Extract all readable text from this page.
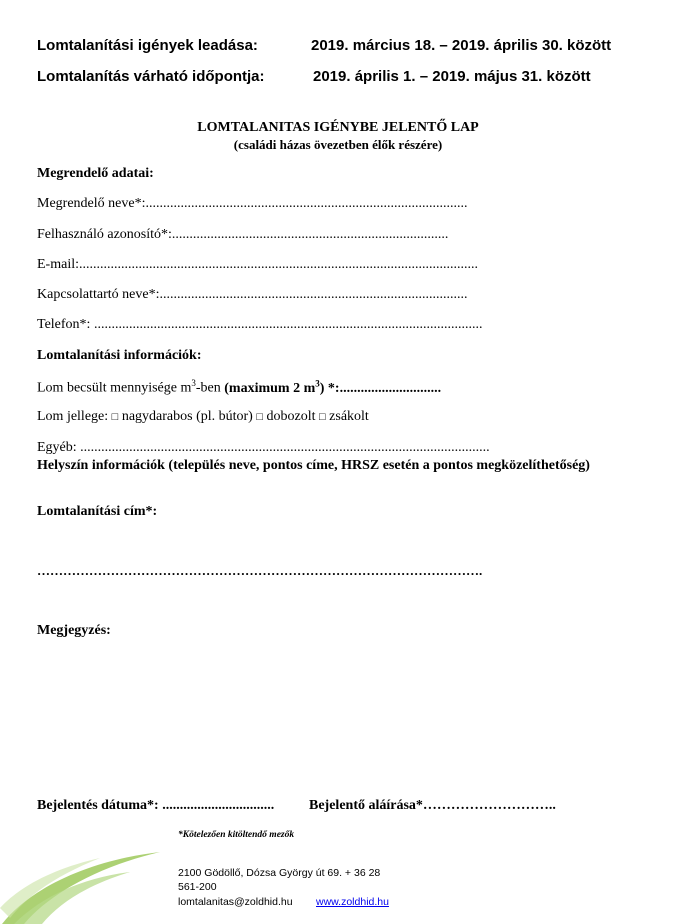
Lomtalanítási igények leadása:	2019. március 18. – 2019. április 30. között
Lomtalanítás várható időpontja:	2019. április 1. – 2019. május 31. között
LOMTALANITAS IGÉNYBE JELENTŐ LAP
(családi házas övezetben élők részére)
Megrendelő adatai:
Megrendelő neve*:............................................................................................
Felhasználó azonosító*:...............................................................................
E-mail:..................................................................................................................
Kapcsolattartó neve*:........................................................................................
Telefon*: ...............................................................................................................
Lomtalanítási információk:
Lom becsült mennyisége $m^3$-ben (maximum 2 $m^3$) *:.............................
Lom jellege: □ nagydarabos (pl. bútor) □ dobozolt □ zsákolt
Egyéb: .....................................................................................................................
Helyszín információk (település neve, pontos címe, HRSZ esetén a pontos megközelíthetőség)
Lomtalanítási cím*:
………………………………………………………………………………………….
Megjegyzés:
Bejelentés dátuma*: ................................ Bejelentő aláírása*………………………..
*Kötelezően kitöltendő mezők
2100 Gödöllő, Dózsa György út 69. + 36 28
561-200
lomtalanitas@zoldhid.hu www.zoldhid.hu
